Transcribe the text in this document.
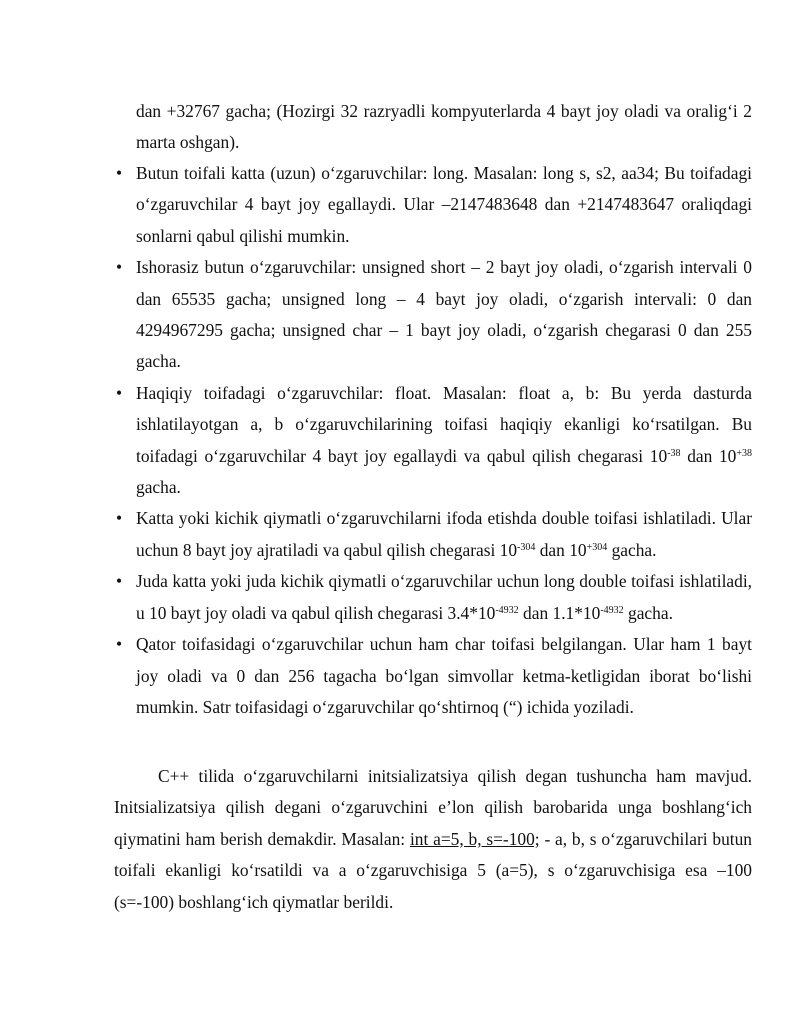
dan +32767 gacha; (Hozirgi 32 razryadli kompyuterlarda 4 bayt joy oladi va oralig‘i 2 marta oshgan).

• Butun toifali katta (uzun) o‘zgaruvchilar: long. Masalan: long s, s2, aa34; Bu toifadagi o‘zgaruvchilar 4 bayt joy egallaydi. Ular –2147483648 dan +2147483647 oraliqdagi sonlarni qabul qilishi mumkin.
• Ishorasiz butun o‘zgaruvchilar: unsigned short – 2 bayt joy oladi, o‘zgarish intervali 0 dan 65535 gacha; unsigned long – 4 bayt joy oladi, o‘zgarish intervali: 0 dan 4294967295 gacha; unsigned char – 1 bayt joy oladi, o‘zgarish chegarasi 0 dan 255 gacha.
• Haqiqiy toifadagi o‘zgaruvchilar: float. Masalan: float a, b: Bu yerda dasturda ishlatilayotgan a, b o‘zgaruvchilarining toifasi haqiqiy ekanligi ko‘rsatilgan. Bu toifadagi o‘zgaruvchilar 4 bayt joy egallaydi va qabul qilish chegarasi $10^{-38}$ dan $10^{+38}$ gacha.
• Katta yoki kichik qiymatli o‘zgaruvchilarni ifoda etishda double toifasi ishlatiladi. Ular uchun 8 bayt joy ajratiladi va qabul qilish chegarasi $10^{-304}$ dan $10^{+304}$ gacha.
• Juda katta yoki juda kichik qiymatli o‘zgaruvchilar uchun long double toifasi ishlatiladi, u 10 bayt joy oladi va qabul qilish chegarasi $3.4*10^{-4932}$ dan $1.1*10^{-4932}$ gacha.
• Qator toifasidagi o‘zgaruvchilar uchun ham char toifasi belgilangan. Ular ham 1 bayt joy oladi va 0 dan 256 tagacha bo‘lgan simvollar ketma-ketligidan iborat bo‘lishi mumkin. Satr toifasidagi o‘zgaruvchilar qo‘shtirnoq (“) ichida yoziladi.

C++ tilida o‘zgaruvchilarni initsializatsiya qilish degan tushuncha ham mavjud. Initsializatsiya qilish degani o‘zgaruvchini e’lon qilish barobarida unga boshlang‘ich qiymatini ham berish demakdir. Masalan: int a=5, b, s=-100; - a, b, s o‘zgaruvchilari butun toifali ekanligi ko‘rsatildi va a o‘zgaruvchisiga 5 (a=5), s o‘zgaruvchisiga esa –100 (s=-100) boshlang‘ich qiymatlar berildi.
